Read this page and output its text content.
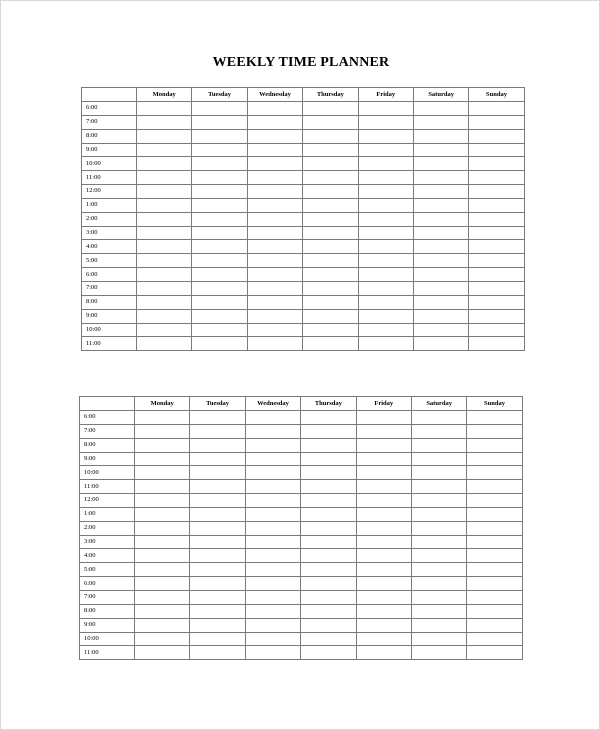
WEEKLY TIME PLANNER
	Monday	Tuesday	Wednesday	Thursday	Friday	Saturday	Sunday
6:00							
7:00							
8:00							
9:00							
10:00							
11:00							
12:00							
1:00							
2:00							
3:00							
4:00							
5:00							
6:00							
7:00							
8:00							
9:00							
10:00							
11:00							
	Monday	Tuesday	Wednesday	Thursday	Friday	Saturday	Sunday
6:00							
7:00							
8:00							
9:00							
10:00							
11:00							
12:00							
1:00							
2:00							
3:00							
4:00							
5:00							
6:00							
7:00							
8:00							
9:00							
10:00							
11:00							
